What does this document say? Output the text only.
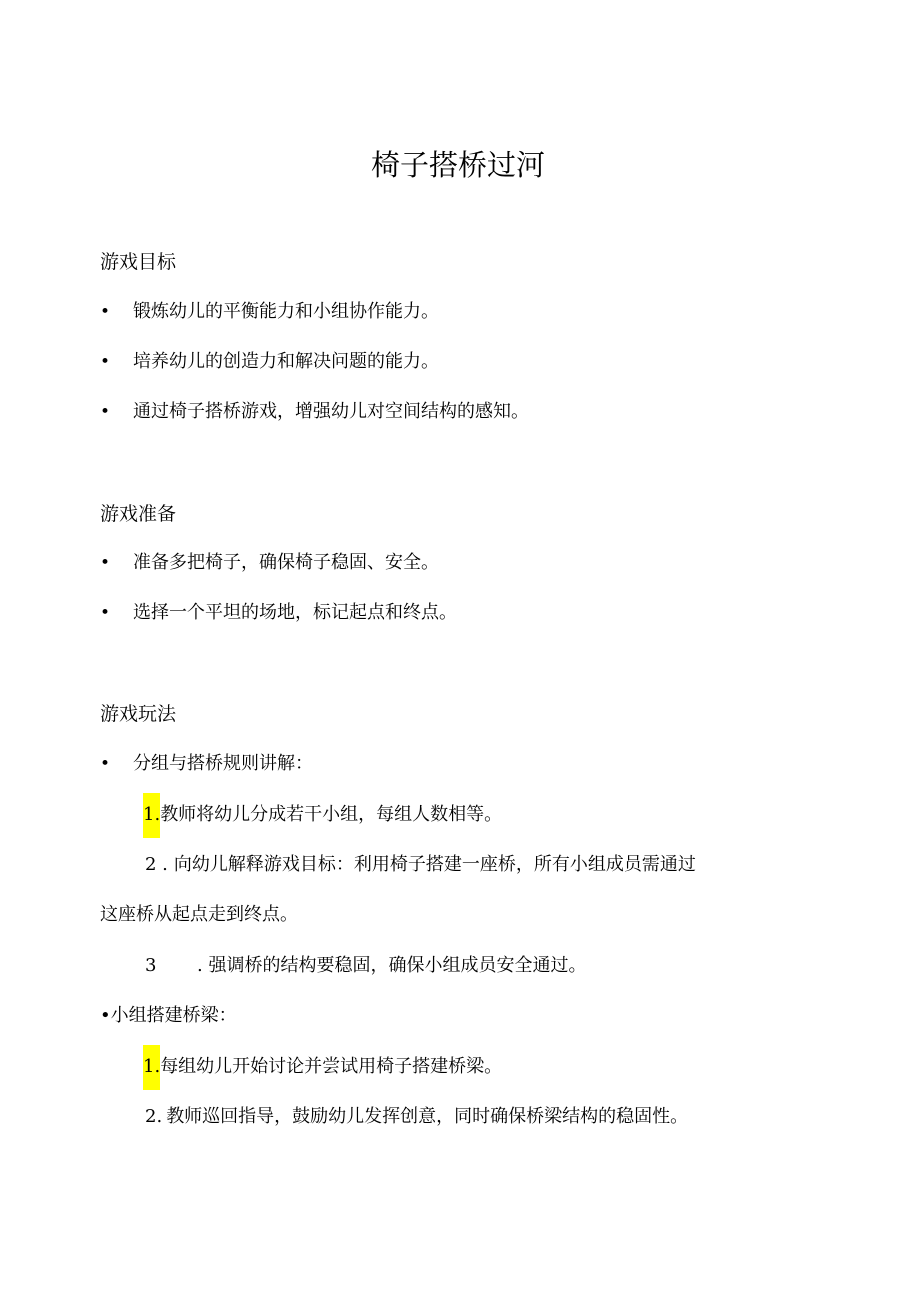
椅子搭桥过河
游戏目标
• 锻炼幼儿的平衡能力和小组协作能力。
• 培养幼儿的创造力和解决问题的能力。
• 通过椅子搭桥游戏，增强幼儿对空间结构的感知。
游戏准备
• 准备多把椅子，确保椅子稳固、安全。
• 选择一个平坦的场地，标记起点和终点。
游戏玩法
• 分组与搭桥规则讲解：
1.教师将幼儿分成若干小组，每组人数相等。
2 . 向幼儿解释游戏目标：利用椅子搭建一座桥，所有小组成员需通过
这座桥从起点走到终点。
3 . 强调桥的结构要稳固，确保小组成员安全通过。
•小组搭建桥梁：
1.每组幼儿开始讨论并尝试用椅子搭建桥梁。
2. 教师巡回指导，鼓励幼儿发挥创意，同时确保桥梁结构的稳固性。
